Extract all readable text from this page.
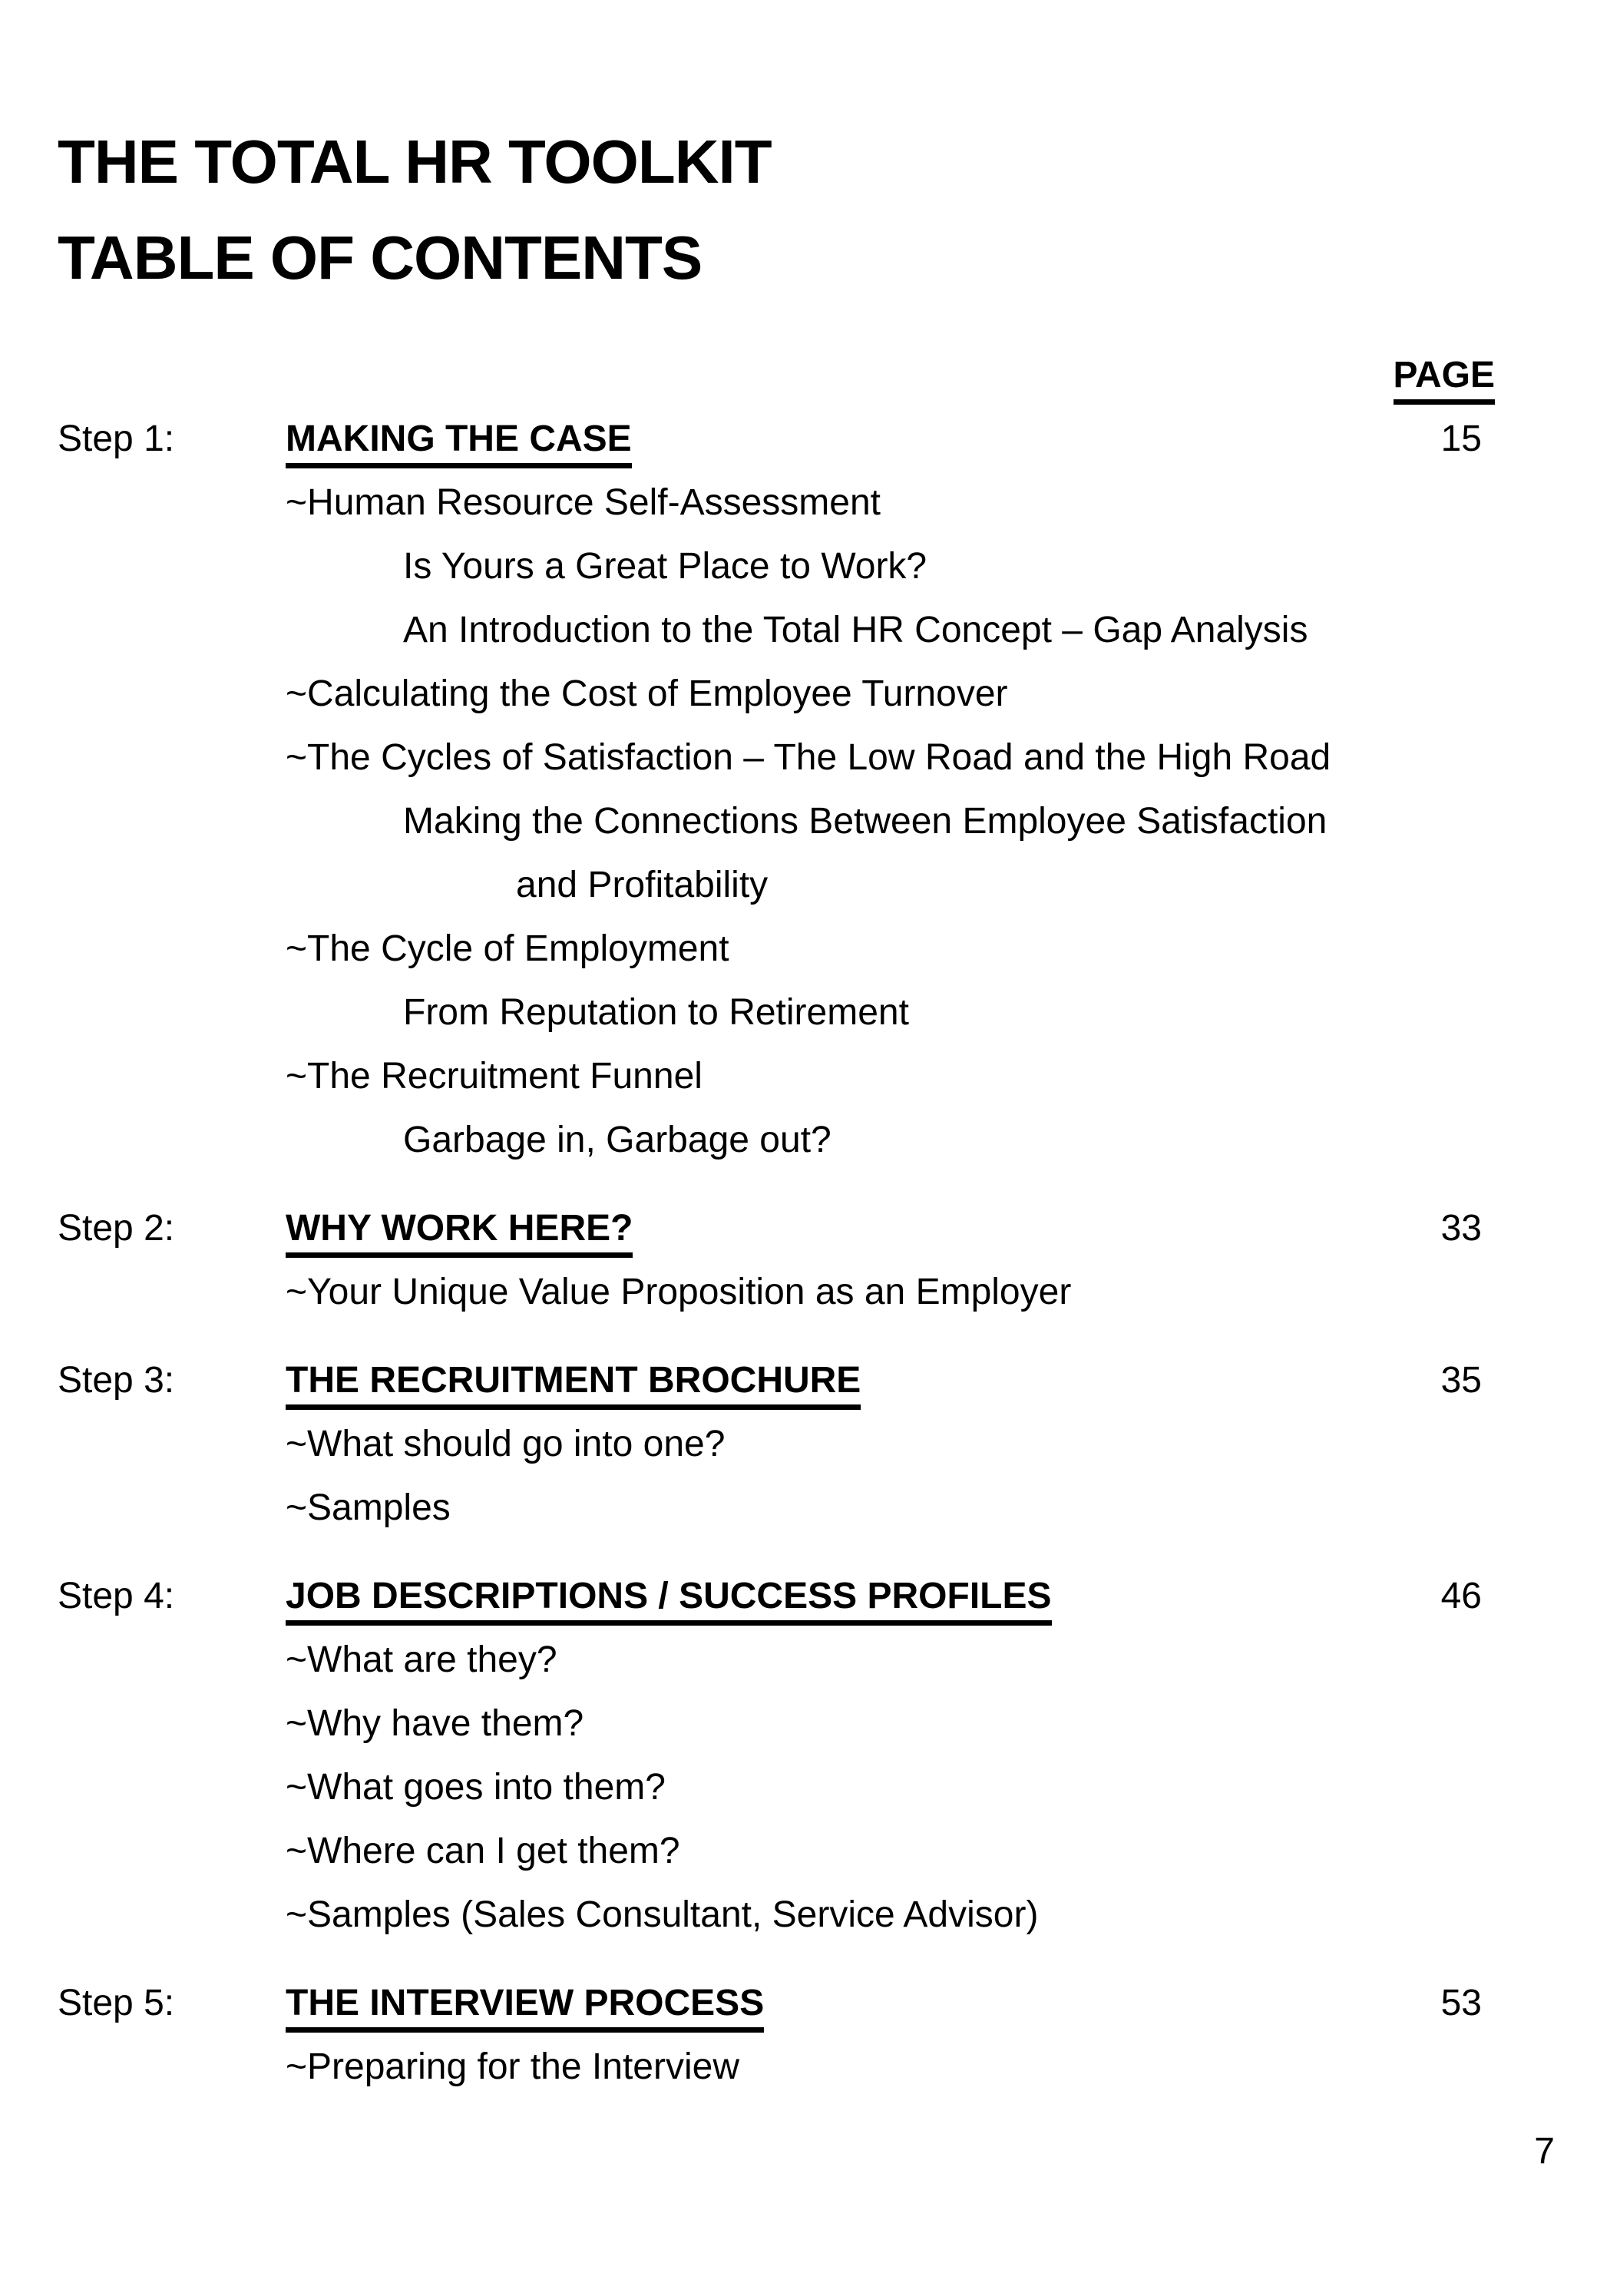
THE TOTAL HR TOOLKIT
TABLE OF CONTENTS
PAGE
Step 1:	MAKING THE CASE	15
~Human Resource Self-Assessment
Is Yours a Great Place to Work?
An Introduction to the Total HR Concept – Gap Analysis
~Calculating the Cost of Employee Turnover
~The Cycles of Satisfaction – The Low Road and the High Road
Making the Connections Between Employee Satisfaction
and Profitability
~The Cycle of Employment
From Reputation to Retirement
~The Recruitment Funnel
Garbage in, Garbage out?
Step 2:	WHY WORK HERE?	33
~Your Unique Value Proposition as an Employer
Step 3:	THE RECRUITMENT BROCHURE	35
~What should go into one?
~Samples
Step 4:	JOB DESCRIPTIONS / SUCCESS PROFILES	46
~What are they?
~Why have them?
~What goes into them?
~Where can I get them?
~Samples (Sales Consultant, Service Advisor)
Step 5:	THE INTERVIEW PROCESS	53
~Preparing for the Interview
7
